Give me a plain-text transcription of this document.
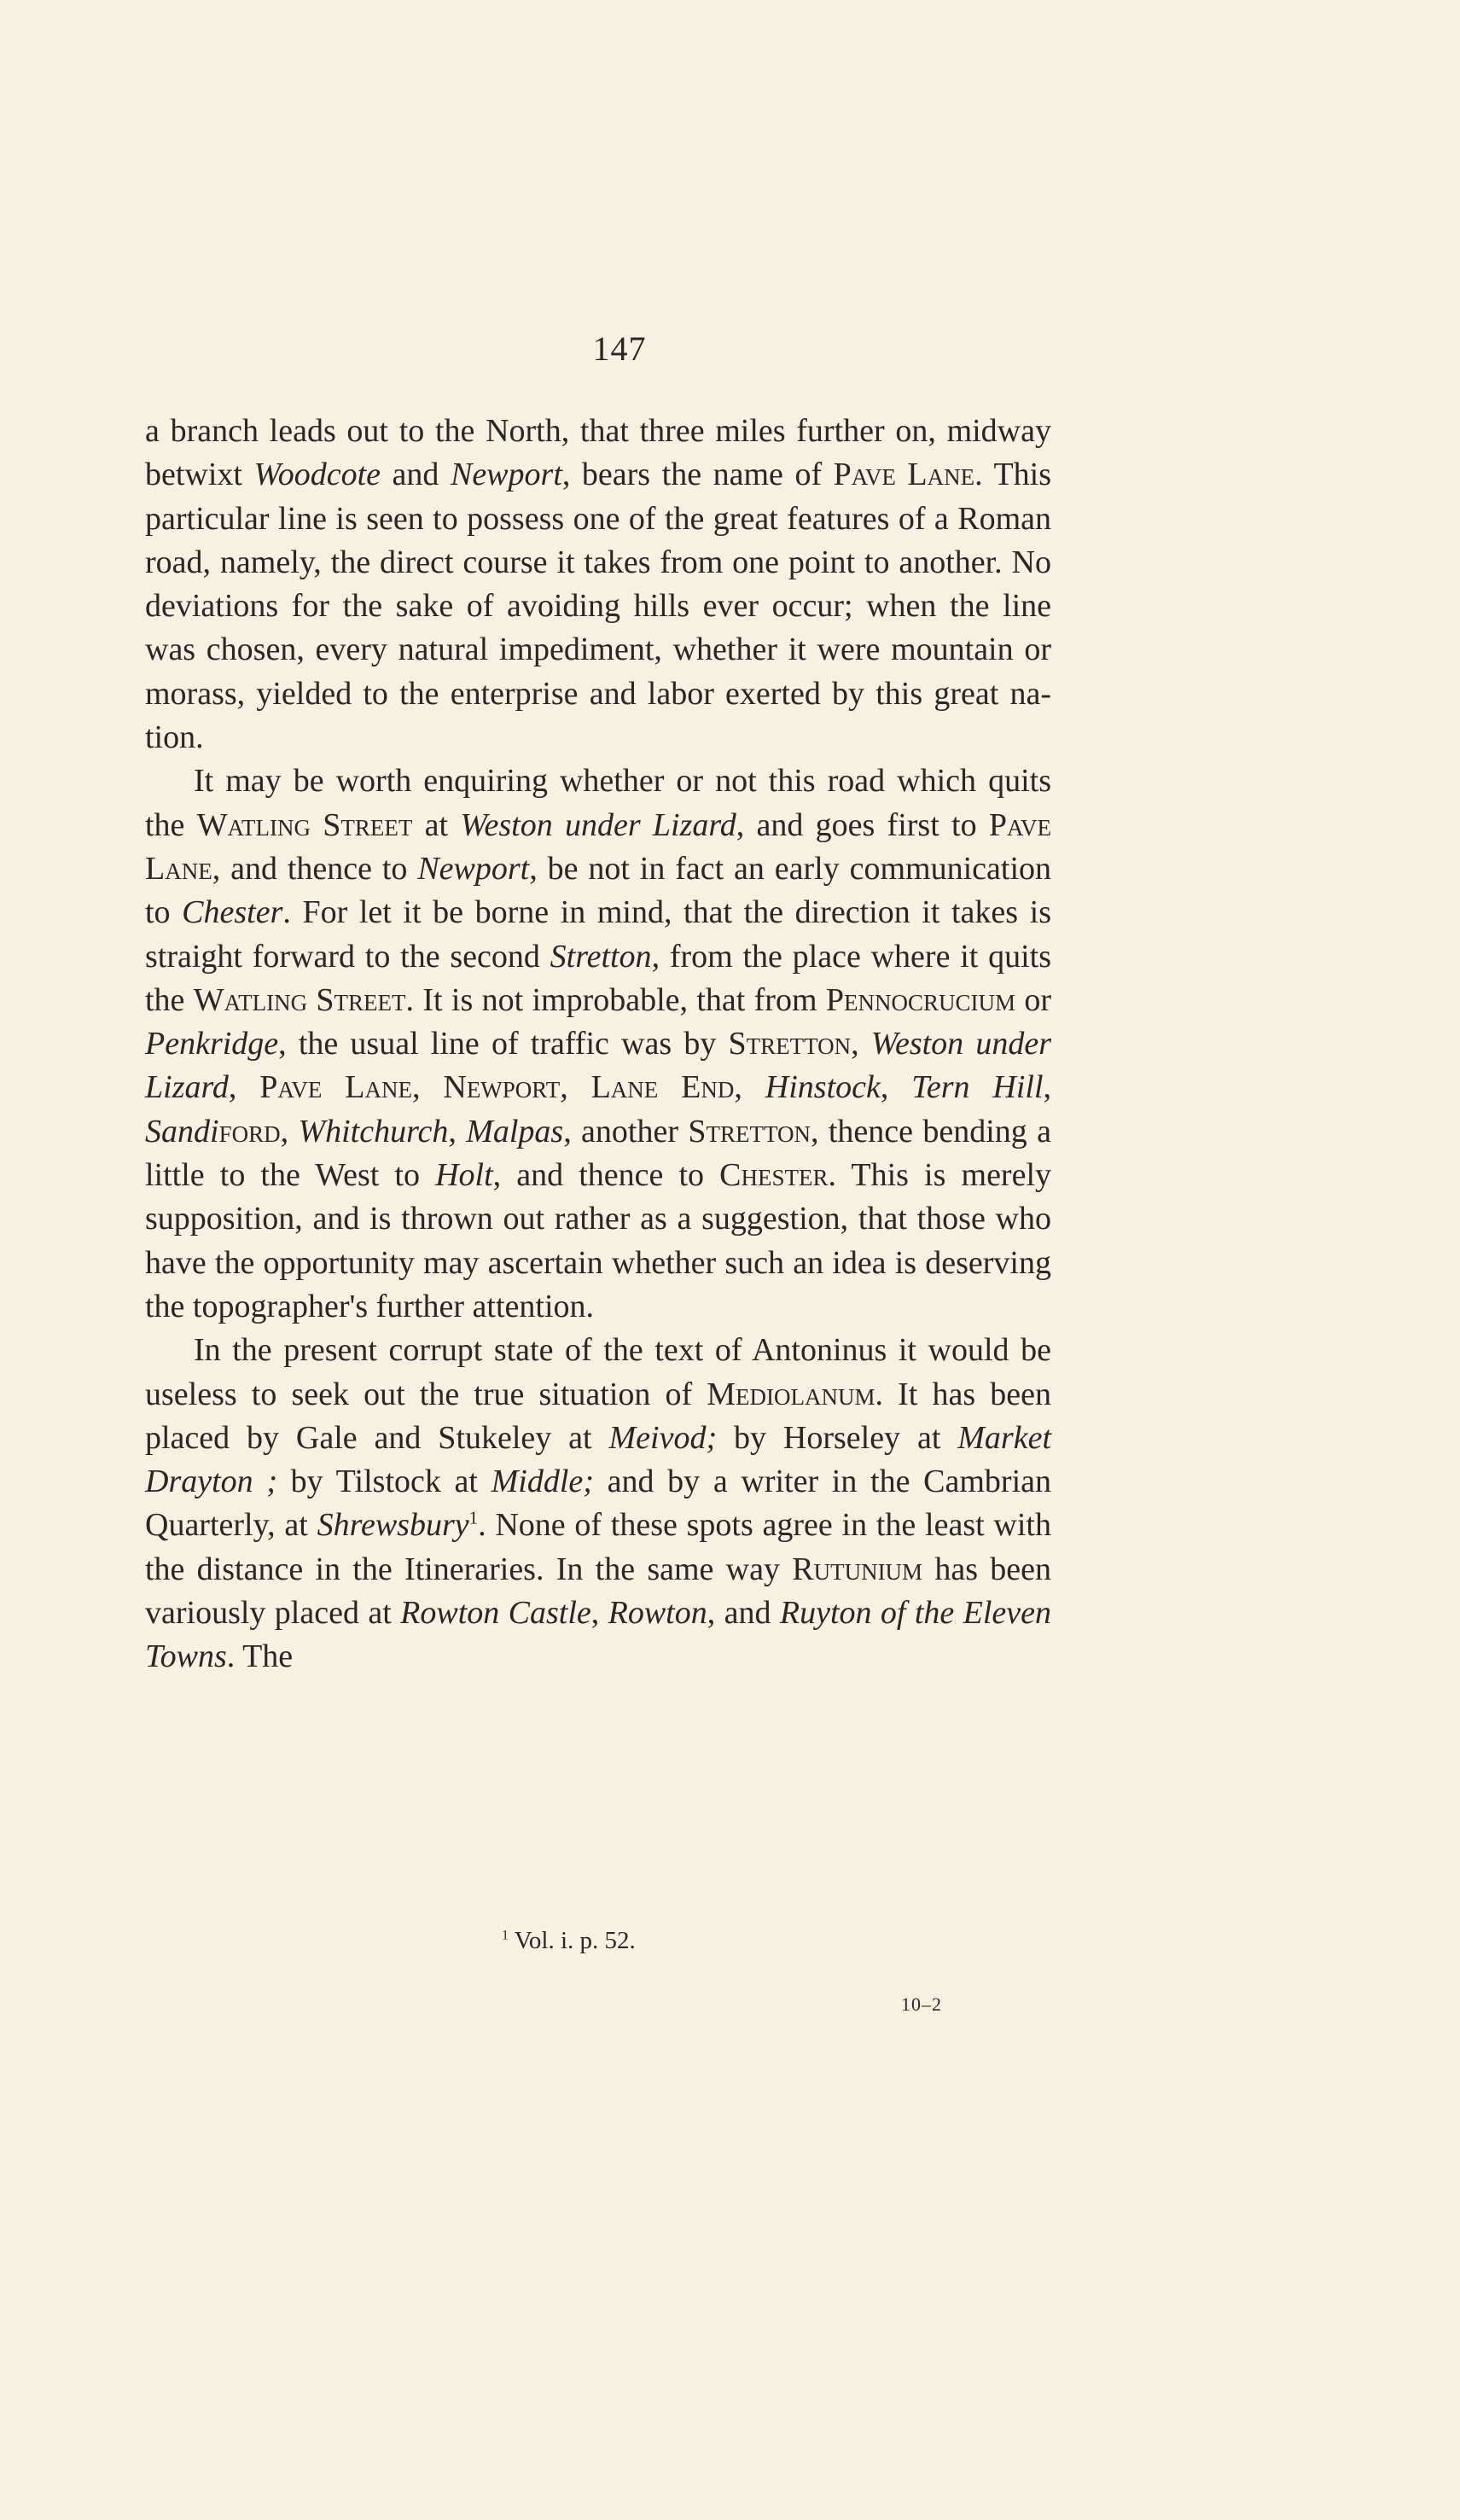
147

a branch leads out to the North, that three miles further on, midway betwixt Woodcote and Newport, bears the name of Pave Lane. This particular line is seen to possess one of the great features of a Roman road, namely, the direct course it takes from one point to another. No deviations for the sake of avoiding hills ever occur; when the line was chosen, every natural impediment, whether it were mountain or morass, yielded to the enterprise and labor exerted by this great nation.

It may be worth enquiring whether or not this road which quits the Watling Street at Weston under Lizard, and goes first to Pave Lane, and thence to Newport, be not in fact an early communication to Chester. For let it be borne in mind, that the direction it takes is straight forward to the second Stretton, from the place where it quits the Watling Street. It is not improbable, that from Pennocrucium or Penkridge, the usual line of traffic was by Stretton, Weston under Lizard, Pave Lane, Newport, Lane End, Hinstock, Tern Hill, Sandiford, Whitchurch, Malpas, another Stretton, thence bending a little to the West to Holt, and thence to Chester. This is merely supposition, and is thrown out rather as a suggestion, that those who have the opportunity may ascertain whether such an idea is deserving the topographer's further attention.

In the present corrupt state of the text of Antoninus it would be useless to seek out the true situation of Mediolanum. It has been placed by Gale and Stukeley at Meivod; by Horseley at Market Drayton ; by Tilstock at Middle; and by a writer in the Cambrian Quarterly, at Shrewsbury$^1$. None of these spots agree in the least with the distance in the Itineraries. In the same way Rutunium has been variously placed at Rowton Castle, Rowton, and Ruyton of the Eleven Towns. The

$^1$ Vol. i. p. 52.
10–2
